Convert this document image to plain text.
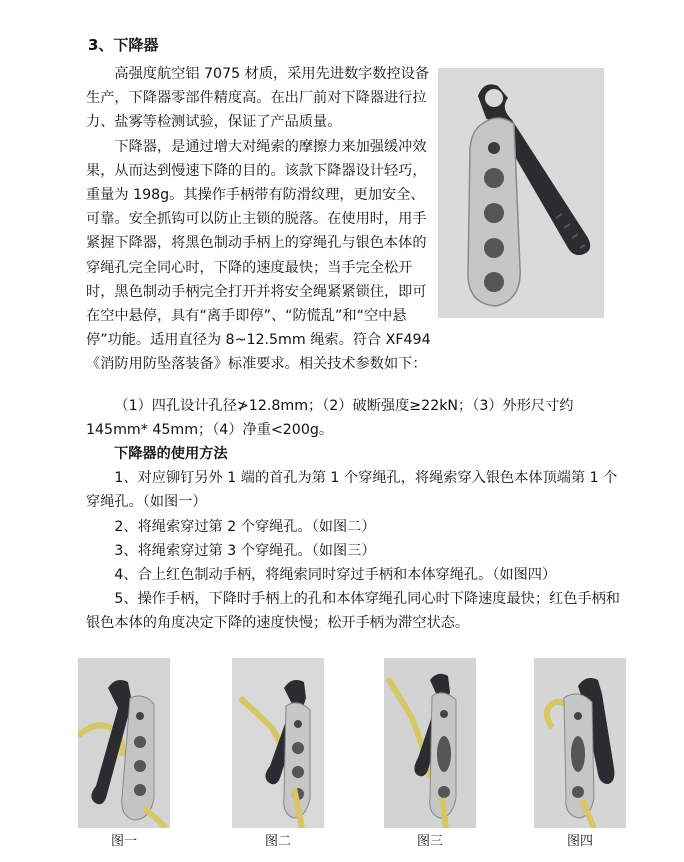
3、下降器

高强度航空铝 7075 材质，采用先进数字数控设备生产，下降器零部件精度高。在出厂前对下降器进行拉力、盐雾等检测试验，保证了产品质量。

下降器，是通过增大对绳索的摩擦力来加强缓冲效果，从而达到慢速下降的目的。该款下降器设计轻巧，重量为 198g。其操作手柄带有防滑纹理，更加安全、可靠。安全抓钩可以防止主锁的脱落。在使用时，用手紧握下降器，将黑色制动手柄上的穿绳孔与银色本体的穿绳孔完全同心时，下降的速度最快；当手完全松开时，黑色制动手柄完全打开并将安全绳紧紧锁住，即可在空中悬停，具有“离手即停”、“防慌乱”和“空中悬停”功能。适用直径为 8~12.5mm 绳索。符合 XF494《消防用防坠落装备》标准要求。相关技术参数如下：

（1）四孔设计孔径≯12.8mm；（2）破断强度≥22kN；（3）外形尺寸约 145mm* 45mm；（4）净重<200g。

下降器的使用方法

1、对应铆钉另外 1 端的首孔为第 1 个穿绳孔，将绳索穿入银色本体顶端第 1 个穿绳孔。（如图一）

2、将绳索穿过第 2 个穿绳孔。（如图二）

3、将绳索穿过第 3 个穿绳孔。（如图三）

4、合上红色制动手柄，将绳索同时穿过手柄和本体穿绳孔。（如图四）

5、操作手柄，下降时手柄上的孔和本体穿绳孔同心时下降速度最快；红色手柄和银色本体的角度决定下降的速度快慢；松开手柄为滞空状态。

图一	图二	图三	图四
